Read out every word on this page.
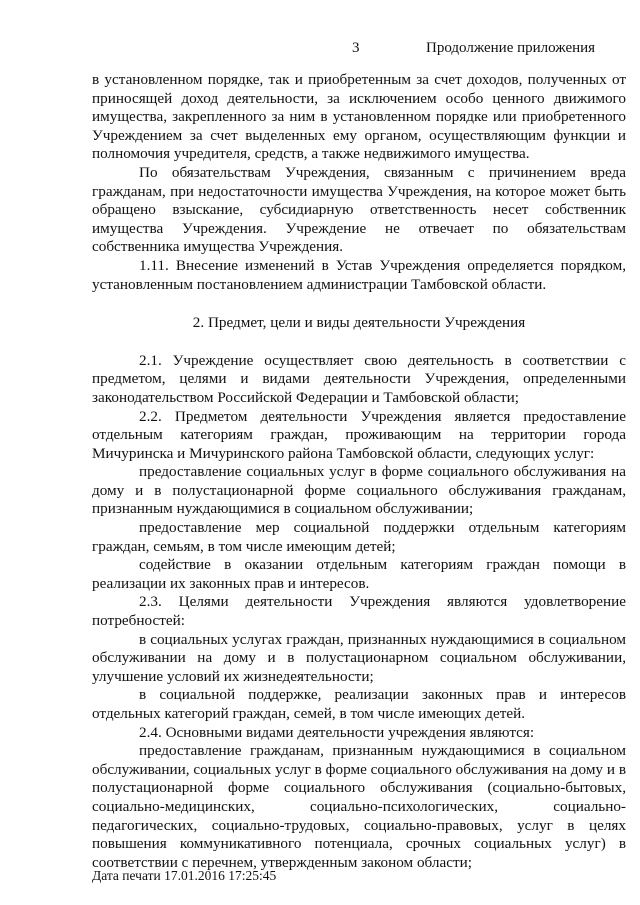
3	Продолжение приложения

в установленном порядке, так и приобретенным за счет доходов, полученных от приносящей доход деятельности, за исключением особо ценного движимого имущества, закрепленного за ним в установленном порядке или приобретенного Учреждением за счет выделенных ему органом, осуществляющим функции и полномочия учредителя, средств, а также недвижимого имущества.

По обязательствам Учреждения, связанным с причинением вреда гражданам, при недостаточности имущества Учреждения, на которое может быть обращено взыскание, субсидиарную ответственность несет собственник имущества Учреждения. Учреждение не отвечает по обязательствам собственника имущества Учреждения.

1.11. Внесение изменений в Устав Учреждения определяется порядком, установленным постановлением администрации Тамбовской области.

2. Предмет, цели и виды деятельности Учреждения

2.1. Учреждение осуществляет свою деятельность в соответствии с предметом, целями и видами деятельности Учреждения, определенными законодательством Российской Федерации и Тамбовской области;

2.2. Предметом деятельности Учреждения является предоставление отдельным категориям граждан, проживающим на территории города Мичуринска и Мичуринского района Тамбовской области, следующих услуг:

предоставление социальных услуг в форме социального обслуживания на дому и в полустационарной форме социального обслуживания гражданам, признанным нуждающимися в социальном обслуживании;

предоставление мер социальной поддержки отдельным категориям граждан, семьям, в том числе имеющим детей;

содействие в оказании отдельным категориям граждан помощи в реализации их законных прав и интересов.

2.3. Целями деятельности Учреждения являются удовлетворение потребностей:

в социальных услугах граждан, признанных нуждающимися в социальном обслуживании на дому и в полустационарном социальном обслуживании, улучшение условий их жизнедеятельности;

в социальной поддержке, реализации законных прав и интересов отдельных категорий граждан, семей, в том числе имеющих детей.

2.4. Основными видами деятельности учреждения являются:

предоставление гражданам, признанным нуждающимися в социальном обслуживании, социальных услуг в форме социального обслуживания на дому и в полустационарной форме социального обслуживания (социально-бытовых, социально-медицинских, социально-психологических, социально-педагогических, социально-трудовых, социально-правовых, услуг в целях повышения коммуникативного потенциала, срочных социальных услуг) в соответствии с перечнем, утвержденным законом области;

Дата печати 17.01.2016 17:25:45
